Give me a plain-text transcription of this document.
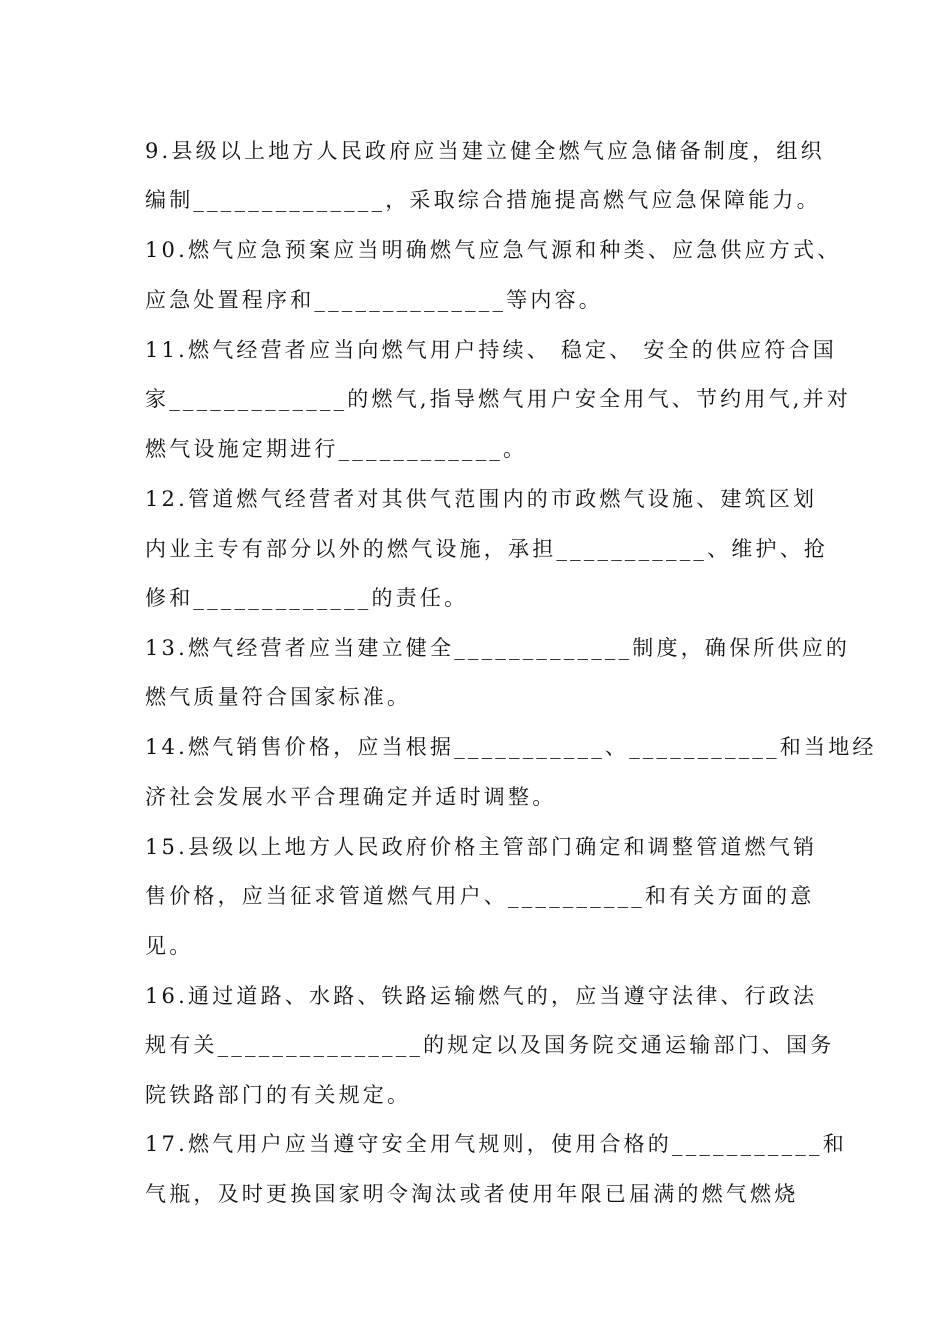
9.县级以上地方人民政府应当建立健全燃气应急储备制度，组织
编制______________，采取综合措施提高燃气应急保障能力。
10.燃气应急预案应当明确燃气应急气源和种类、应急供应方式、
应急处置程序和______________等内容。
11.燃气经营者应当向燃气用户持续、 稳定、 安全的供应符合国
家_____________的燃气,指导燃气用户安全用气、节约用气,并对
燃气设施定期进行____________。
12.管道燃气经营者对其供气范围内的市政燃气设施、建筑区划
内业主专有部分以外的燃气设施，承担___________、维护、抢
修和_____________的责任。
13.燃气经营者应当建立健全_____________制度，确保所供应的
燃气质量符合国家标准。
14.燃气销售价格，应当根据___________、___________和当地经
济社会发展水平合理确定并适时调整。
15.县级以上地方人民政府价格主管部门确定和调整管道燃气销
售价格，应当征求管道燃气用户、__________和有关方面的意
见。
16.通过道路、水路、铁路运输燃气的，应当遵守法律、行政法
规有关_______________的规定以及国务院交通运输部门、国务
院铁路部门的有关规定。
17.燃气用户应当遵守安全用气规则，使用合格的___________和
气瓶，及时更换国家明令淘汰或者使用年限已届满的燃气燃烧
